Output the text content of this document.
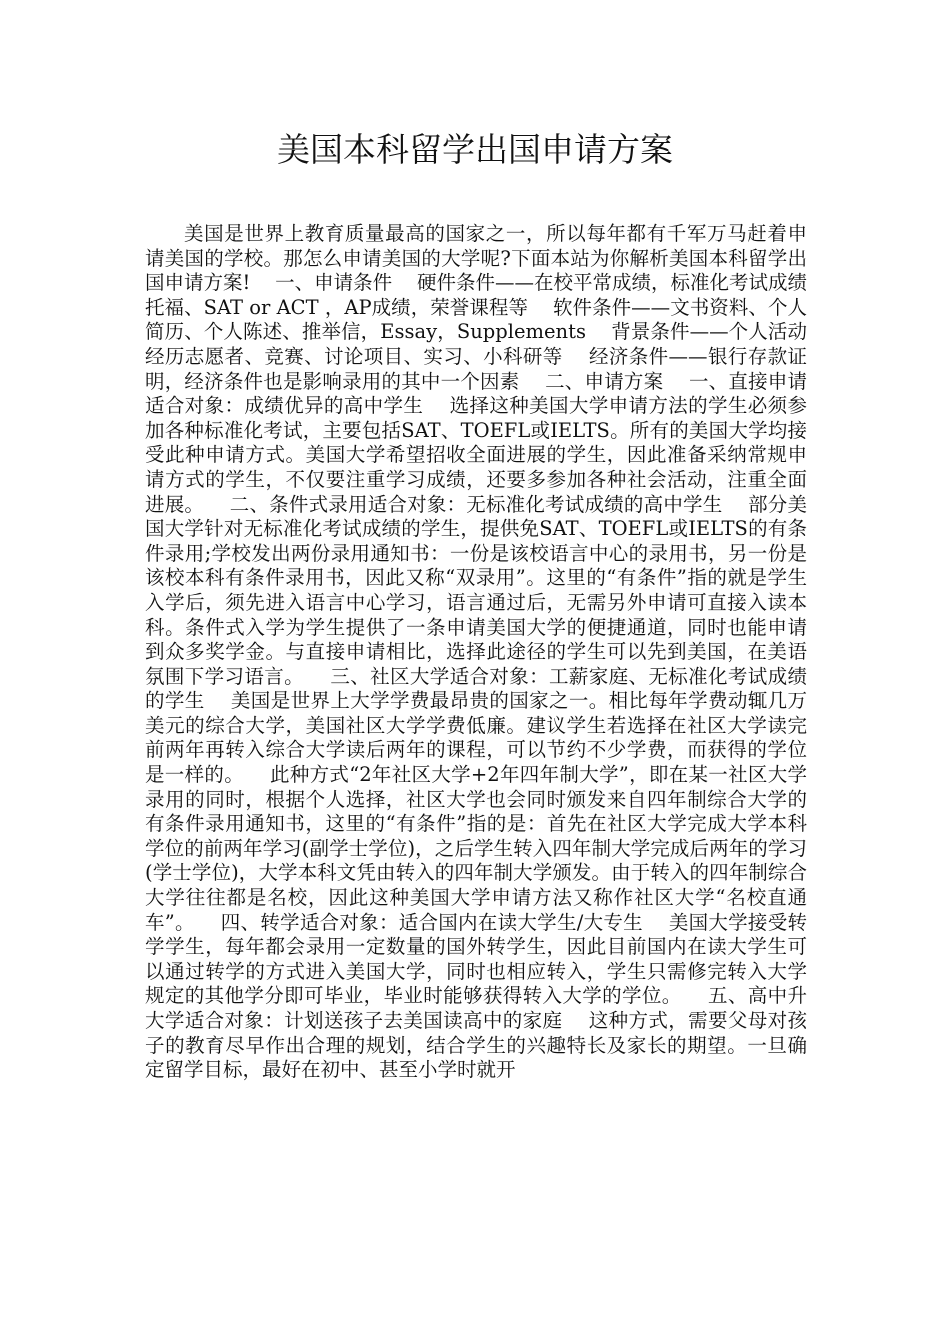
美国本科留学出国申请方案

美国是世界上教育质量最高的国家之一，所以每年都有千军万马赶着申请美国的学校。那怎么申请美国的大学呢?下面本站为你解析美国本科留学出国申请方案!    一、申请条件    硬件条件——在校平常成绩，标准化考试成绩托福、SAT or ACT ，AP成绩，荣誉课程等    软件条件——文书资料、个人简历、个人陈述、推举信，Essay，Supplements    背景条件——个人活动经历志愿者、竞赛、讨论项目、实习、小科研等    经济条件——银行存款证明，经济条件也是影响录用的其中一个因素    二、申请方案    一、直接申请适合对象：成绩优异的高中学生    选择这种美国大学申请方法的学生必须参加各种标准化考试，主要包括SAT、TOEFL或IELTS。所有的美国大学均接受此种申请方式。美国大学希望招收全面进展的学生，因此准备采纳常规申请方式的学生，不仅要注重学习成绩，还要多参加各种社会活动，注重全面进展。    二、条件式录用适合对象：无标准化考试成绩的高中学生    部分美国大学针对无标准化考试成绩的学生，提供免SAT、TOEFL或IELTS的有条件录用;学校发出两份录用通知书：一份是该校语言中心的录用书，另一份是该校本科有条件录用书，因此又称“双录用”。这里的“有条件”指的就是学生入学后，须先进入语言中心学习，语言通过后，无需另外申请可直接入读本科。条件式入学为学生提供了一条申请美国大学的便捷通道，同时也能申请到众多奖学金。与直接申请相比，选择此途径的学生可以先到美国，在美语氛围下学习语言。    三、社区大学适合对象：工薪家庭、无标准化考试成绩的学生    美国是世界上大学学费最昂贵的国家之一。相比每年学费动辄几万美元的综合大学，美国社区大学学费低廉。建议学生若选择在社区大学读完前两年再转入综合大学读后两年的课程，可以节约不少学费，而获得的学位是一样的。    此种方式“2年社区大学+2年四年制大学”，即在某一社区大学录用的同时，根据个人选择，社区大学也会同时颁发来自四年制综合大学的有条件录用通知书，这里的“有条件”指的是：首先在社区大学完成大学本科学位的前两年学习(副学士学位)，之后学生转入四年制大学完成后两年的学习(学士学位)，大学本科文凭由转入的四年制大学颁发。由于转入的四年制综合大学往往都是名校，因此这种美国大学申请方法又称作社区大学“名校直通车”。    四、转学适合对象：适合国内在读大学生/大专生    美国大学接受转学学生，每年都会录用一定数量的国外转学生，因此目前国内在读大学生可以通过转学的方式进入美国大学，同时也相应转入，学生只需修完转入大学规定的其他学分即可毕业，毕业时能够获得转入大学的学位。    五、高中升大学适合对象：计划送孩子去美国读高中的家庭    这种方式，需要父母对孩子的教育尽早作出合理的规划，结合学生的兴趣特长及家长的期望。一旦确定留学目标，最好在初中、甚至小学时就开
